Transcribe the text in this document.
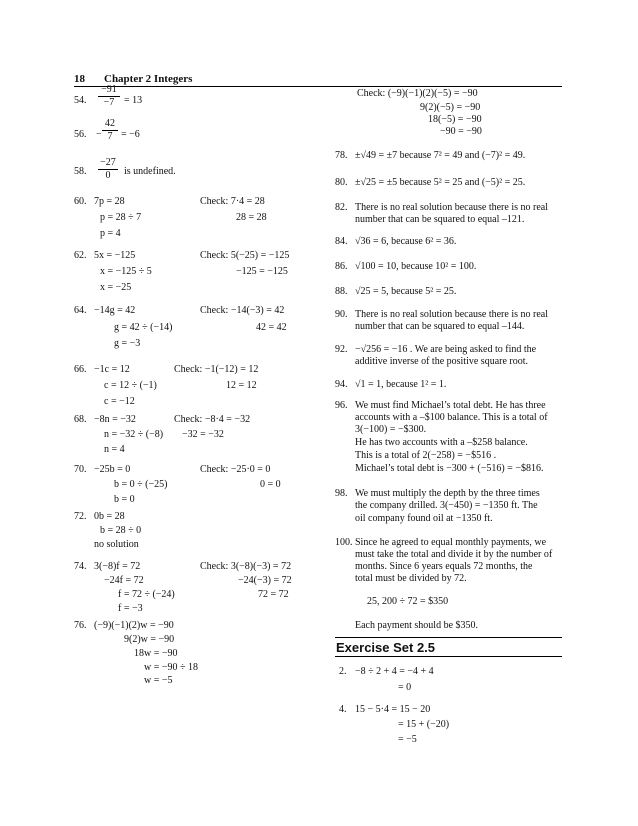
18 Chapter 2 Integers
54. $\frac{-91}{-7} = 13$
56. − $\frac{42}{7} = -6$
58. $\frac{-27}{0}$ is undefined.
60. 7p = 28
p = 28 ÷ 7
p = 4
Check: 7·4 = 28
28 = 28
62. 5x = −125
x = −125 ÷ 5
x = −25
Check: 5(−25) = −125
−125 = −125
64. −14g = 42
g = 42 ÷ (−14)
g = −3
Check: −14(−3) = 42
42 = 42
66. −1c = 12
c = 12 ÷ (−1)
c = −12
Check: −1(−12) = 12
12 = 12
68. −8n = −32
n = −32 ÷ (−8)
n = 4
Check: −8·4 = −32
−32 = −32
70. −25b = 0
b = 0 ÷ (−25)
b = 0
Check: −25·0 = 0
0 = 0
72. 0b = 28
b = 28 ÷ 0
no solution
74. 3(−8)f = 72
−24f = 72
f = 72 ÷ (−24)
f = −3
Check: 3(−8)(−3) = 72
−24(−3) = 72
72 = 72
76. (−9)(−1)(2)w = −90
9(2)w = −90
18w = −90
w = −90 ÷ 18
w = −5
Check: (−9)(−1)(2)(−5) = −90
9(2)(−5) = −90
18(−5) = −90
−90 = −90
78. ±√49 = ±7 because 7² = 49 and (−7)² = 49.
80. ±√25 = ±5 because 5² = 25 and (−5)² = 25.
82. There is no real solution because there is no real
number that can be squared to equal –121.
84. √36 = 6, because 6² = 36.
86. √100 = 10, because 10² = 100.
88. √25 = 5, because 5² = 25.
90. There is no real solution because there is no real
number that can be squared to equal –144.
92. −√256 = −16 . We are being asked to find the
additive inverse of the positive square root.
94. √1 = 1, because 1² = 1.
96. We must find Michael’s total debt. He has three
accounts with a –$100 balance. This is a total of
3(−100) = −$300.
He has two accounts with a –$258 balance.
This is a total of 2(−258) = −$516 .
Michael’s total debt is −300 + (−516) = −$816.
98. We must multiply the depth by the three times
the company drilled. 3(−450) = −1350 ft. The
oil company found oil at −1350 ft.
100. Since he agreed to equal monthly payments, we
must take the total and divide it by the number of
months. Since 6 years equals 72 months, the
total must be divided by 72.
25, 200 ÷ 72 = $350
Each payment should be $350.
Exercise Set 2.5
2. −8 ÷ 2 + 4 = −4 + 4
= 0
4. 15 − 5·4 = 15 − 20
= 15 + (−20)
= −5
